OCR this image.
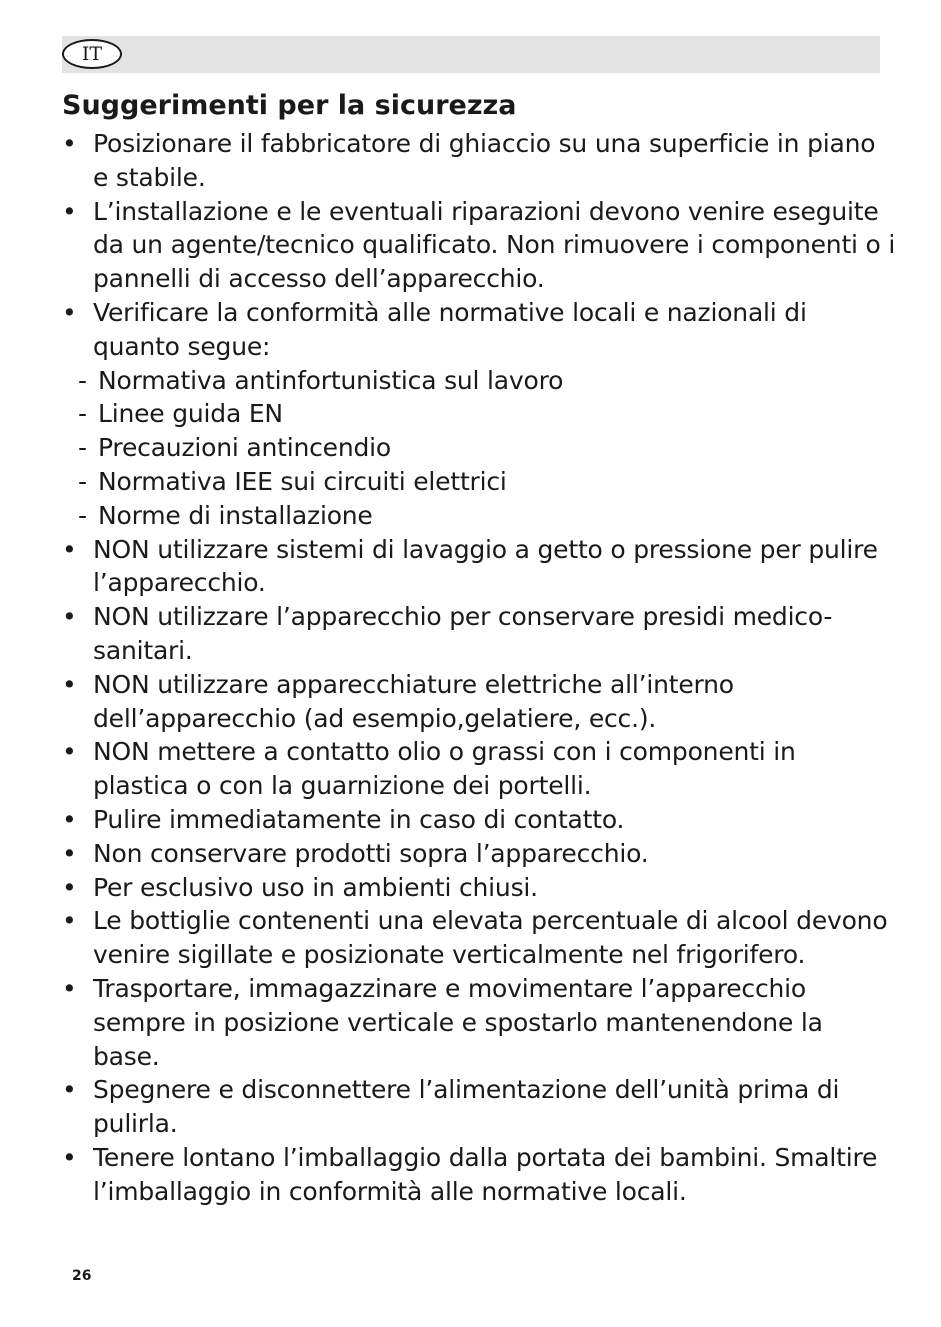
IT
Suggerimenti per la sicurezza
• Posizionare il fabbricatore di ghiaccio su una superficie in piano e stabile.
• L’installazione e le eventuali riparazioni devono venire eseguite da un agente/tecnico qualificato. Non rimuovere i componenti o i pannelli di accesso dell’apparecchio.
• Verificare la conformità alle normative locali e nazionali di quanto segue:
- Normativa antinfortunistica sul lavoro
- Linee guida EN
- Precauzioni antincendio
- Normativa IEE sui circuiti elettrici
- Norme di installazione
• NON utilizzare sistemi di lavaggio a getto o pressione per pulire l’apparecchio.
• NON utilizzare l’apparecchio per conservare presidi medico-sanitari.
• NON utilizzare apparecchiature elettriche all’interno dell’apparecchio (ad esempio,gelatiere, ecc.).
• NON mettere a contatto olio o grassi con i componenti in plastica o con la guarnizione dei portelli.
• Pulire immediatamente in caso di contatto.
• Non conservare prodotti sopra l’apparecchio.
• Per esclusivo uso in ambienti chiusi.
• Le bottiglie contenenti una elevata percentuale di alcool devono venire sigillate e posizionate verticalmente nel frigorifero.
• Trasportare, immagazzinare e movimentare l’apparecchio sempre in posizione verticale e spostarlo mantenendone la base.
• Spegnere e disconnettere l’alimentazione dell’unità prima di pulirla.
• Tenere lontano l’imballaggio dalla portata dei bambini. Smaltire l’imballaggio in conformità alle normative locali.
26
